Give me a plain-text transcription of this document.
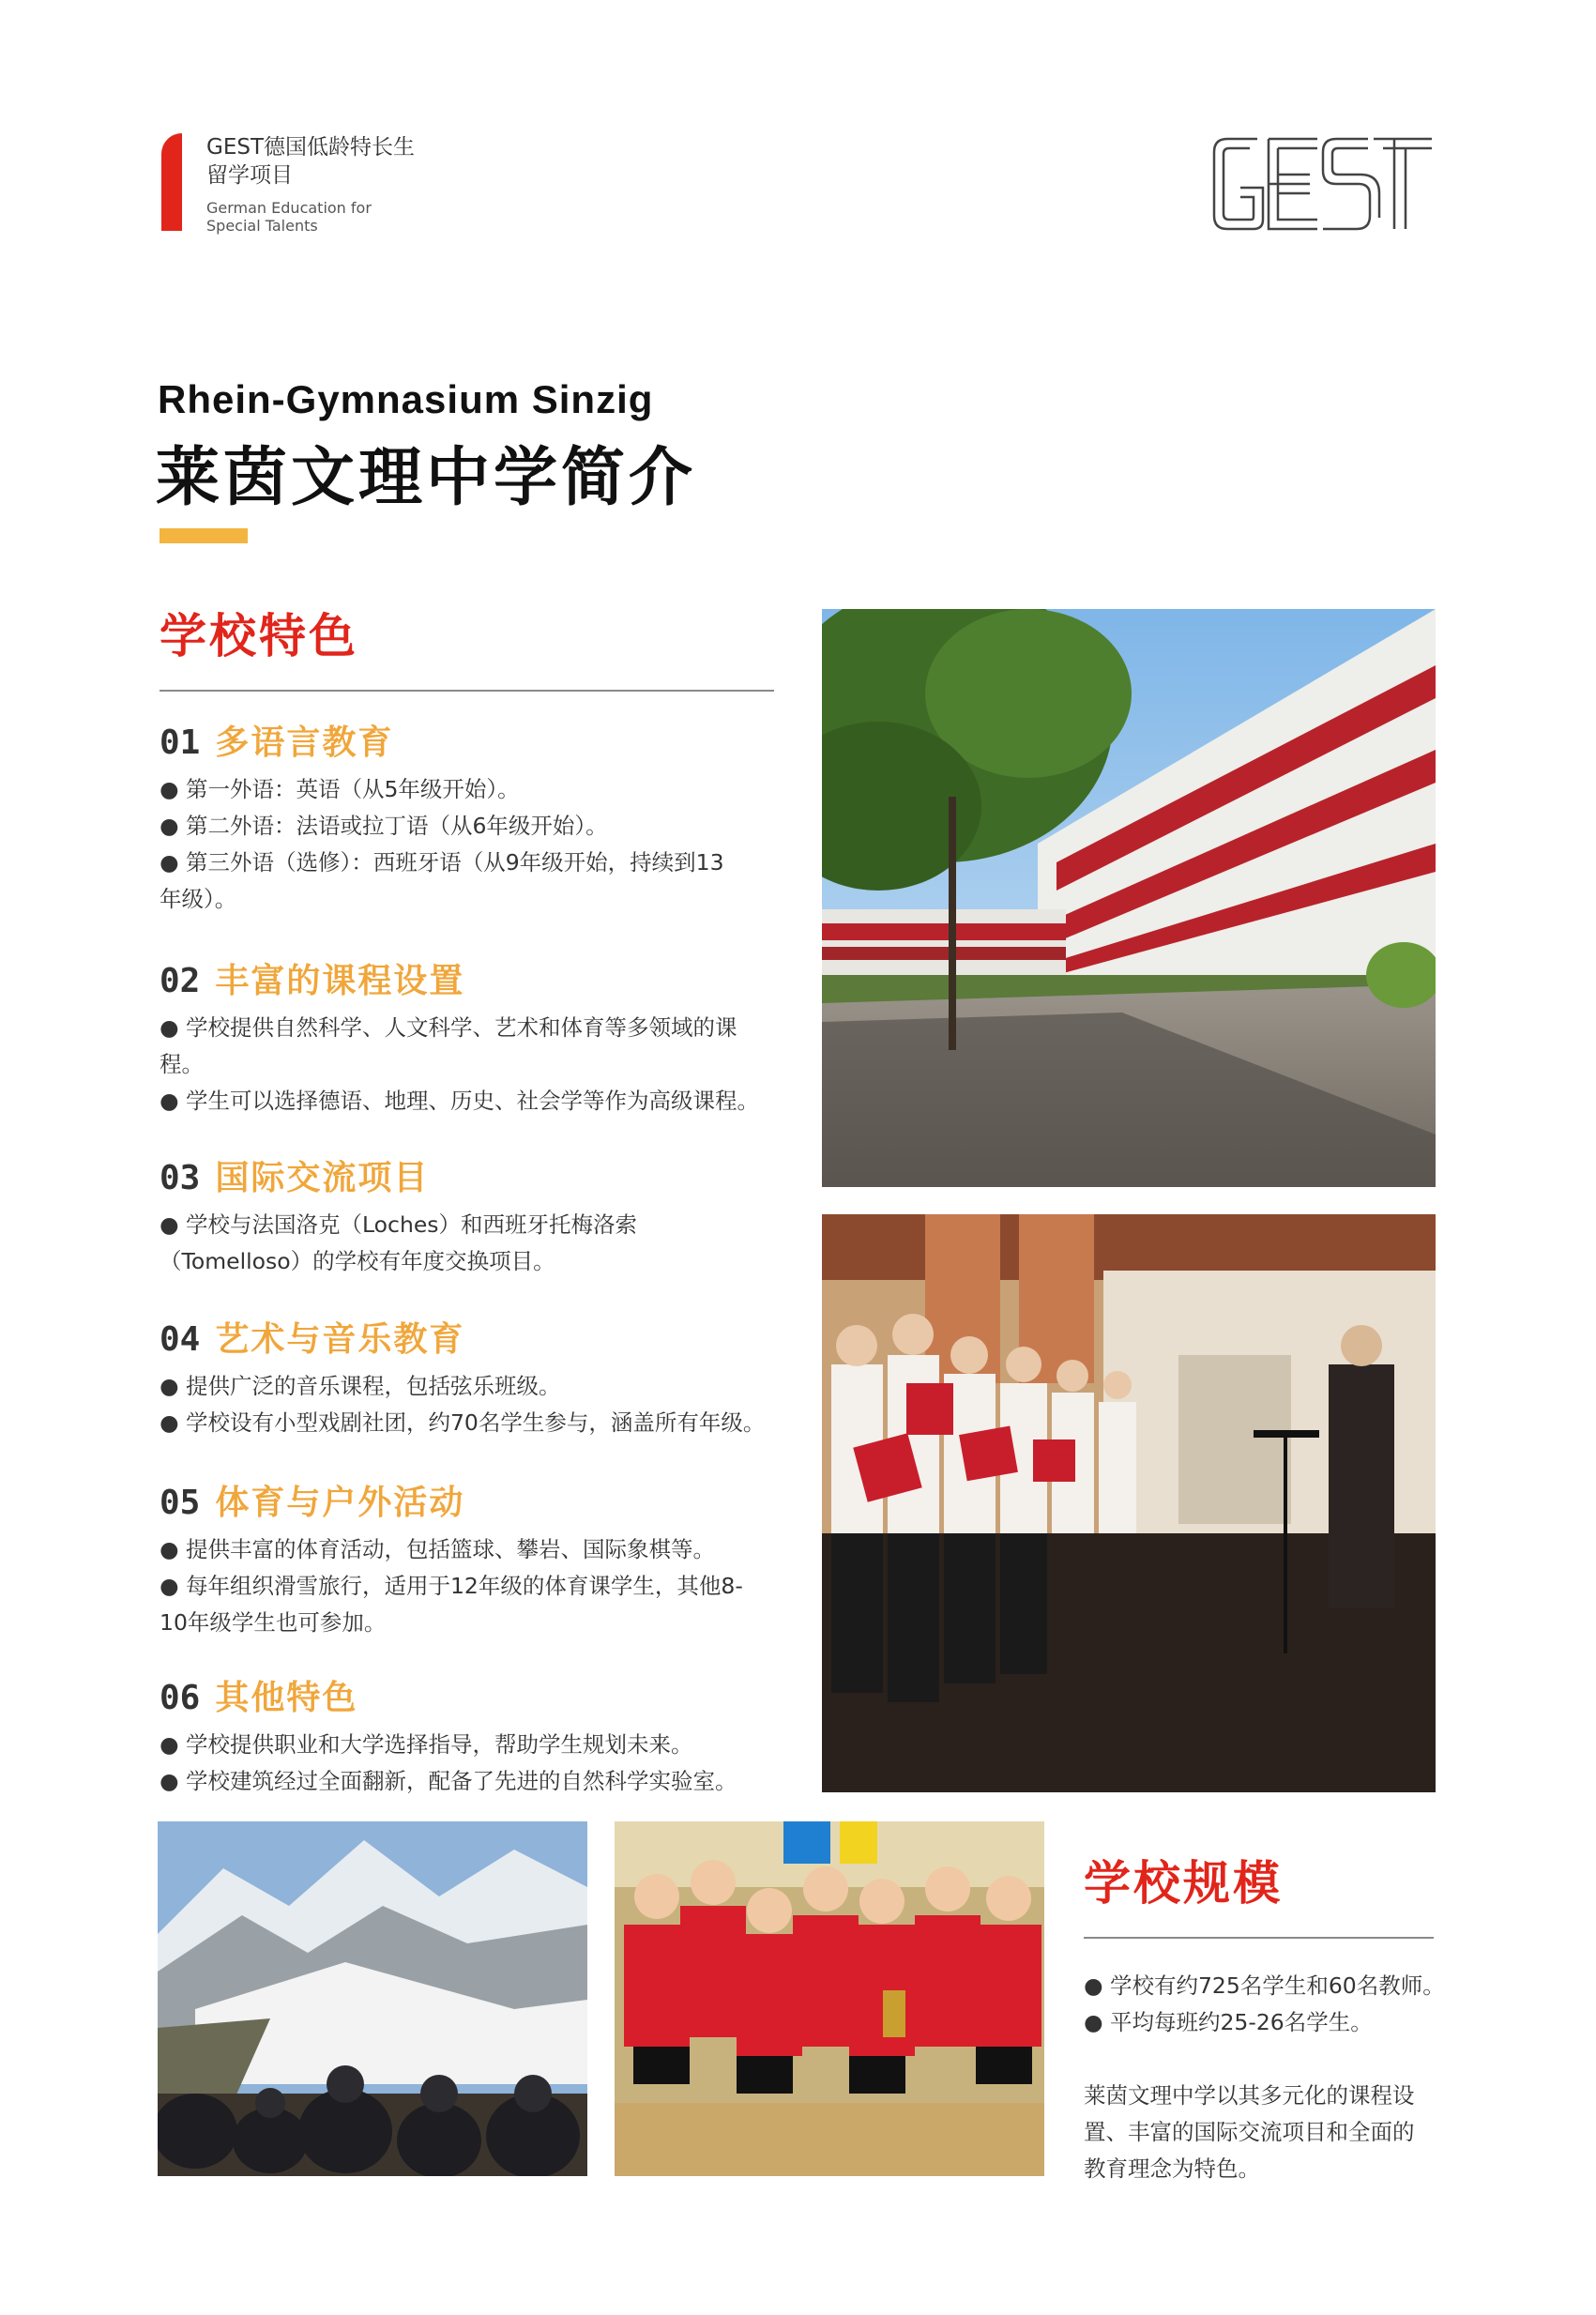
GEST德国低龄特长生
留学项目
German Education for
Special Talents
Rhein-Gymnasium Sinzig
莱茵文理中学简介
学校特色
01 多语言教育
● 第一外语：英语（从5年级开始）。
● 第二外语：法语或拉丁语（从6年级开始）。
● 第三外语（选修）：西班牙语（从9年级开始，持续到13
年级）。
02 丰富的课程设置
● 学校提供自然科学、人文科学、艺术和体育等多领域的课
程。
● 学生可以选择德语、地理、历史、社会学等作为高级课程。
03 国际交流项目
● 学校与法国洛克（Loches）和西班牙托梅洛索
（Tomelloso）的学校有年度交换项目。
04 艺术与音乐教育
● 提供广泛的音乐课程，包括弦乐班级。
● 学校设有小型戏剧社团，约70名学生参与，涵盖所有年级。
05 体育与户外活动
● 提供丰富的体育活动，包括篮球、攀岩、国际象棋等。
● 每年组织滑雪旅行，适用于12年级的体育课学生，其他8-
10年级学生也可参加。
06 其他特色
● 学校提供职业和大学选择指导，帮助学生规划未来。
● 学校建筑经过全面翻新，配备了先进的自然科学实验室。
学校规模
● 学校有约725名学生和60名教师。
● 平均每班约25-26名学生。
莱茵文理中学以其多元化的课程设
置、丰富的国际交流项目和全面的
教育理念为特色。
